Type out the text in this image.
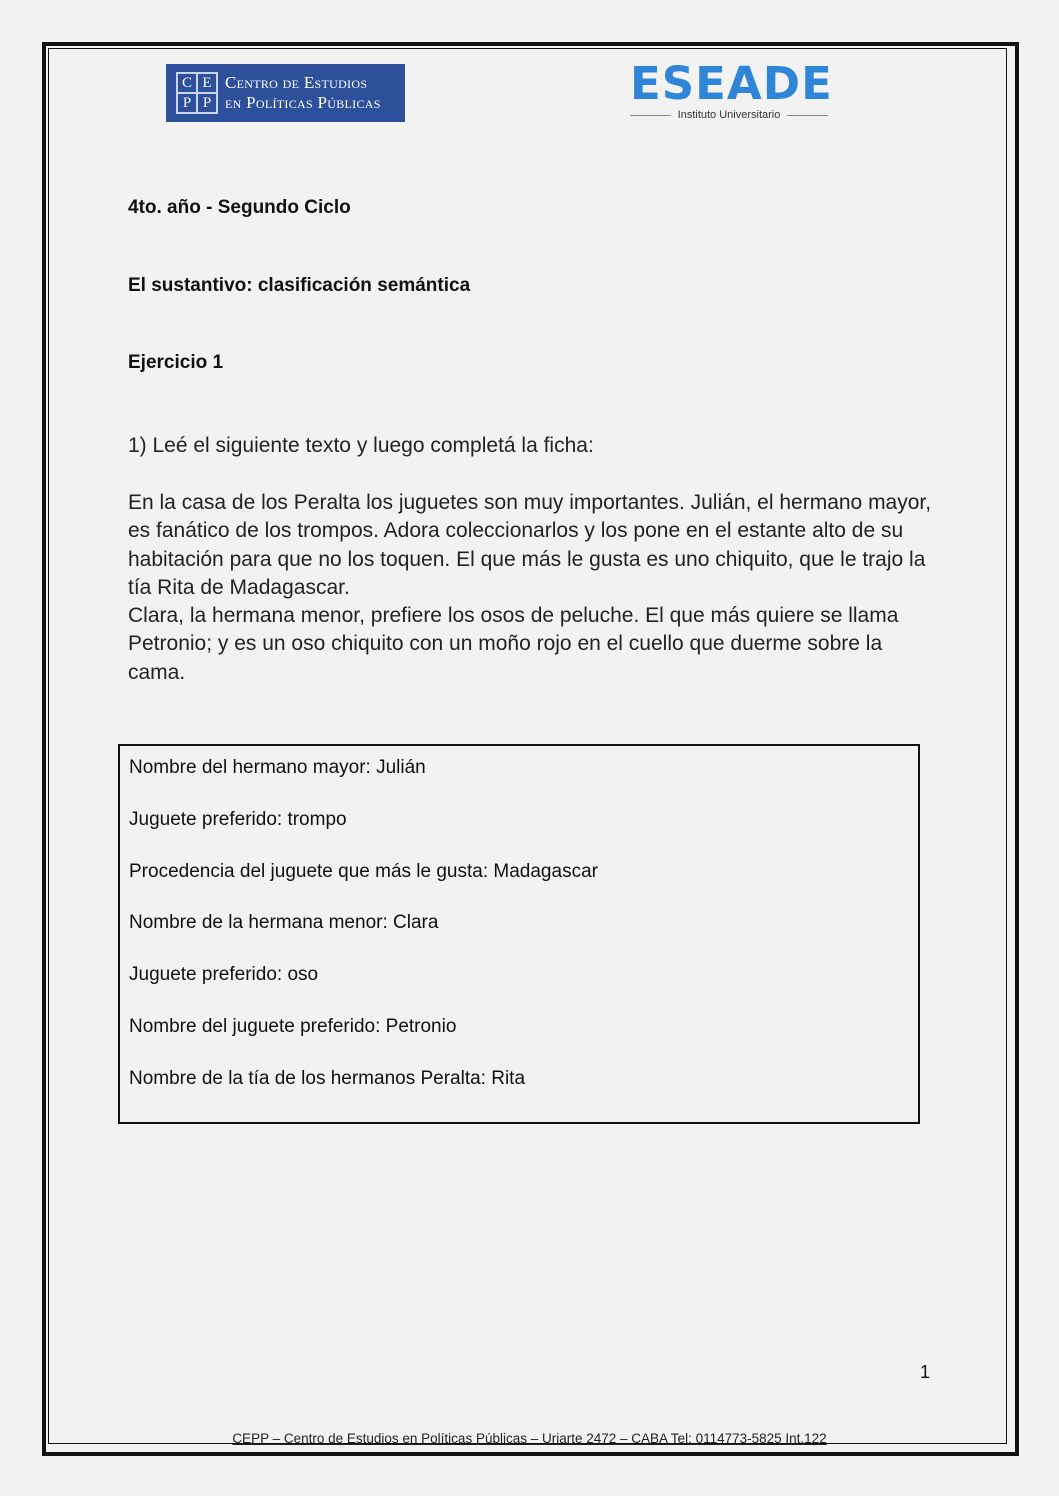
C E
P P
Centro de Estudios
en Políticas Públicas	ESEADE
Instituto Universitario
4to. año - Segundo Ciclo
El sustantivo: clasificación semántica
Ejercicio 1
1) Leé el siguiente texto y luego completá la ficha:

En la casa de los Peralta los juguetes son muy importantes. Julián, el hermano mayor, es fanático de los trompos. Adora coleccionarlos y los pone en el estante alto de su habitación para que no los toquen. El que más le gusta es uno chiquito, que le trajo la tía Rita de Madagascar.

Clara, la hermana menor, prefiere los osos de peluche. El que más quiere se llama Petronio; y es un oso chiquito con un moño rojo en el cuello que duerme sobre la cama.

Nombre del hermano mayor: Julián
Juguete preferido: trompo
Procedencia del juguete que más le gusta: Madagascar
Nombre de la hermana menor: Clara
Juguete preferido: oso
Nombre del juguete preferido: Petronio
Nombre de la tía de los hermanos Peralta: Rita
1
CEPP – Centro de Estudios en Políticas Públicas – Uriarte 2472 – CABA Tel: 0114773-5825 Int.122
